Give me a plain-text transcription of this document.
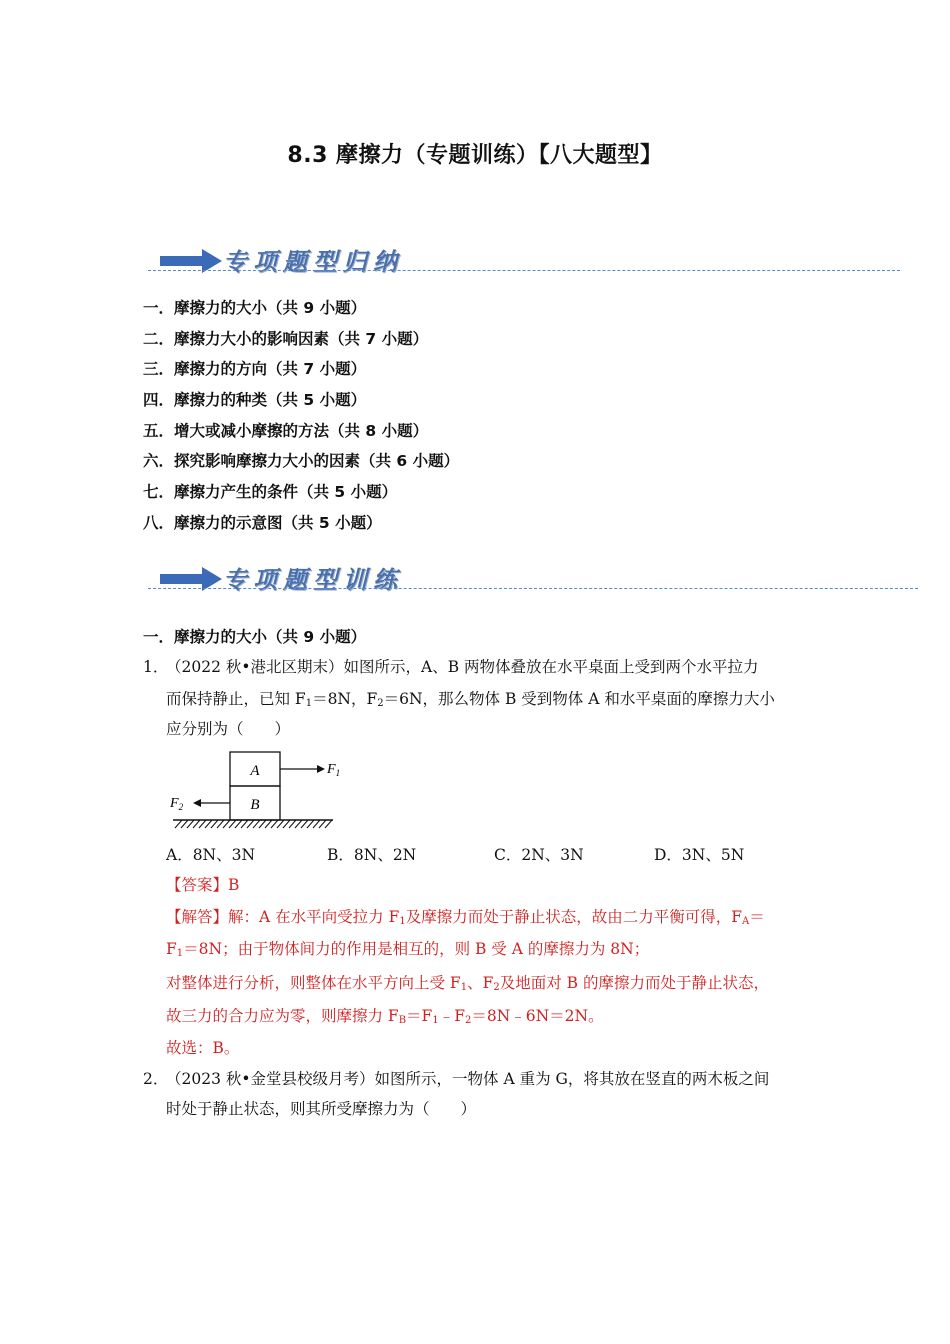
8.3 摩擦力（专题训练）【八大题型】
专项题型归纳
一．摩擦力的大小（共 9 小题）
二．摩擦力大小的影响因素（共 7 小题）
三．摩擦力的方向（共 7 小题）
四．摩擦力的种类（共 5 小题）
五．增大或减小摩擦的方法（共 8 小题）
六．探究影响摩擦力大小的因素（共 6 小题）
七．摩擦力产生的条件（共 5 小题）
八．摩擦力的示意图（共 5 小题）
专项题型训练
一．摩擦力的大小（共 9 小题）
1．
（2022 秋•港北区期末）如图所示，A、B 两物体叠放在水平桌面上受到两个水平拉力
而保持静止，已知 $F_1=8N$，$F_2=6N$，那么物体 B 受到物体 A 和水平桌面的摩擦力大小
应分别为（　　）
A
B
$F_1$
$F_2$
A．8N、3N	B．8N、2N	C．2N、3N	D．3N、5N
【答案】B
【解答】解：A 在水平向受拉力 $F_1$及摩擦力而处于静止状态，故由二力平衡可得，$F_A=$
$F_1=8N$；由于物体间力的作用是相互的，则 B 受 A 的摩擦力为 8N；
对整体进行分析，则整体在水平方向上受 $F_1$、$F_2$及地面对 B 的摩擦力而处于静止状态，
故三力的合力应为零，则摩擦力 $F_B=F_1﹣F_2=8N﹣6N=2N$。
故选：B。
2．
（2023 秋•金堂县校级月考）如图所示，一物体 A 重为 G，将其放在竖直的两木板之间
时处于静止状态，则其所受摩擦力为（　　）
